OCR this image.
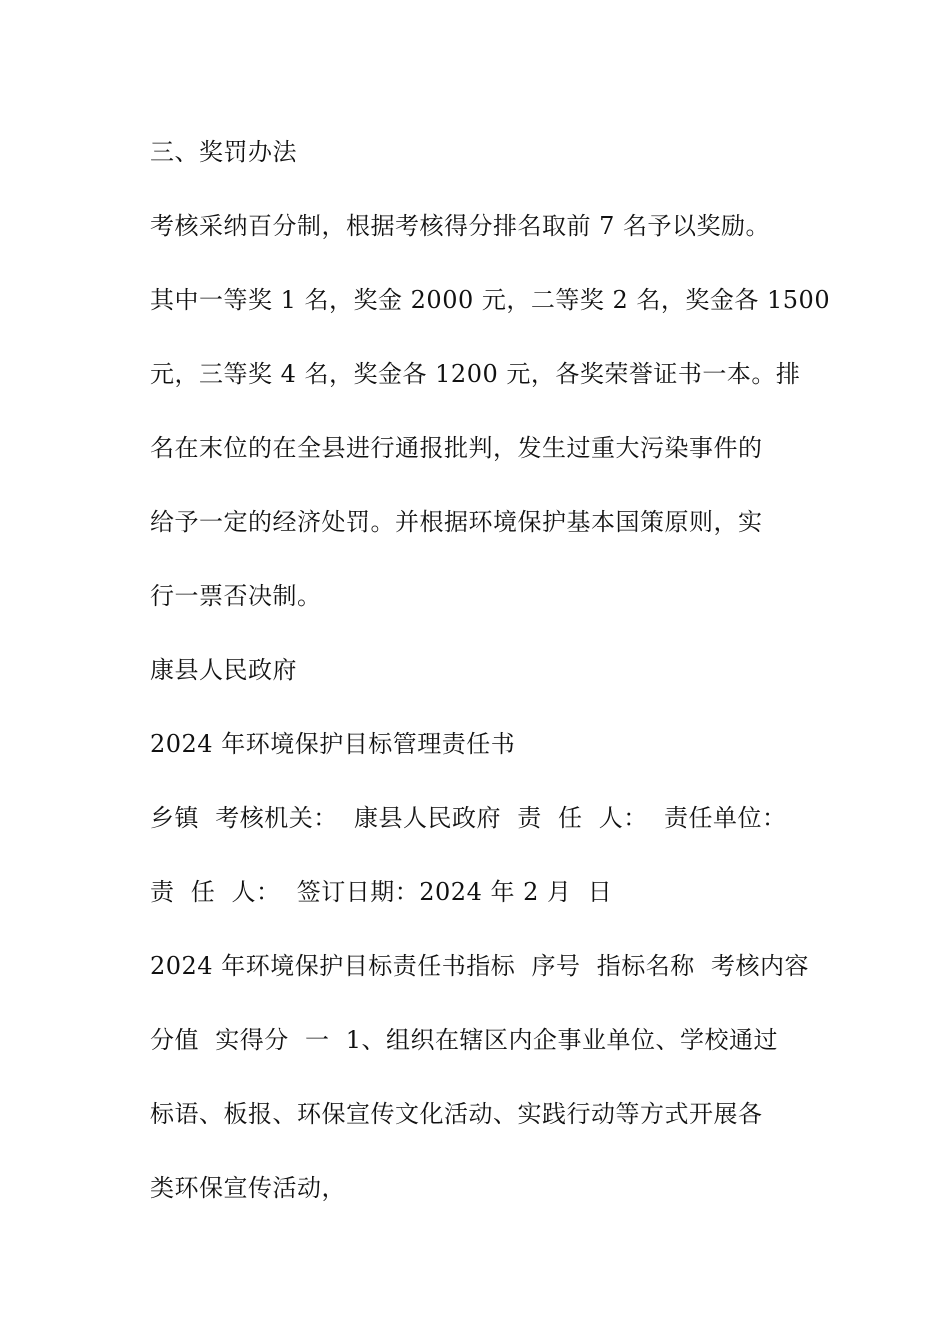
三、奖罚办法
考核采纳百分制，根据考核得分排名取前 7 名予以奖励。
其中一等奖 1 名，奖金 2000 元，二等奖 2 名，奖金各 1500
元，三等奖 4 名，奖金各 1200 元，各奖荣誉证书一本。排
名在末位的在全县进行通报批判，发生过重大污染事件的
给予一定的经济处罚。并根据环境保护基本国策原则，实
行一票否决制。
康县人民政府
2024 年环境保护目标管理责任书
乡镇  考核机关：  康县人民政府  责  任  人：  责任单位：
责  任  人：  签订日期：2024 年 2 月  日
2024 年环境保护目标责任书指标  序号  指标名称  考核内容
分值  实得分  一  1、组织在辖区内企事业单位、学校通过
标语、板报、环保宣传文化活动、实践行动等方式开展各
类环保宣传活动，
